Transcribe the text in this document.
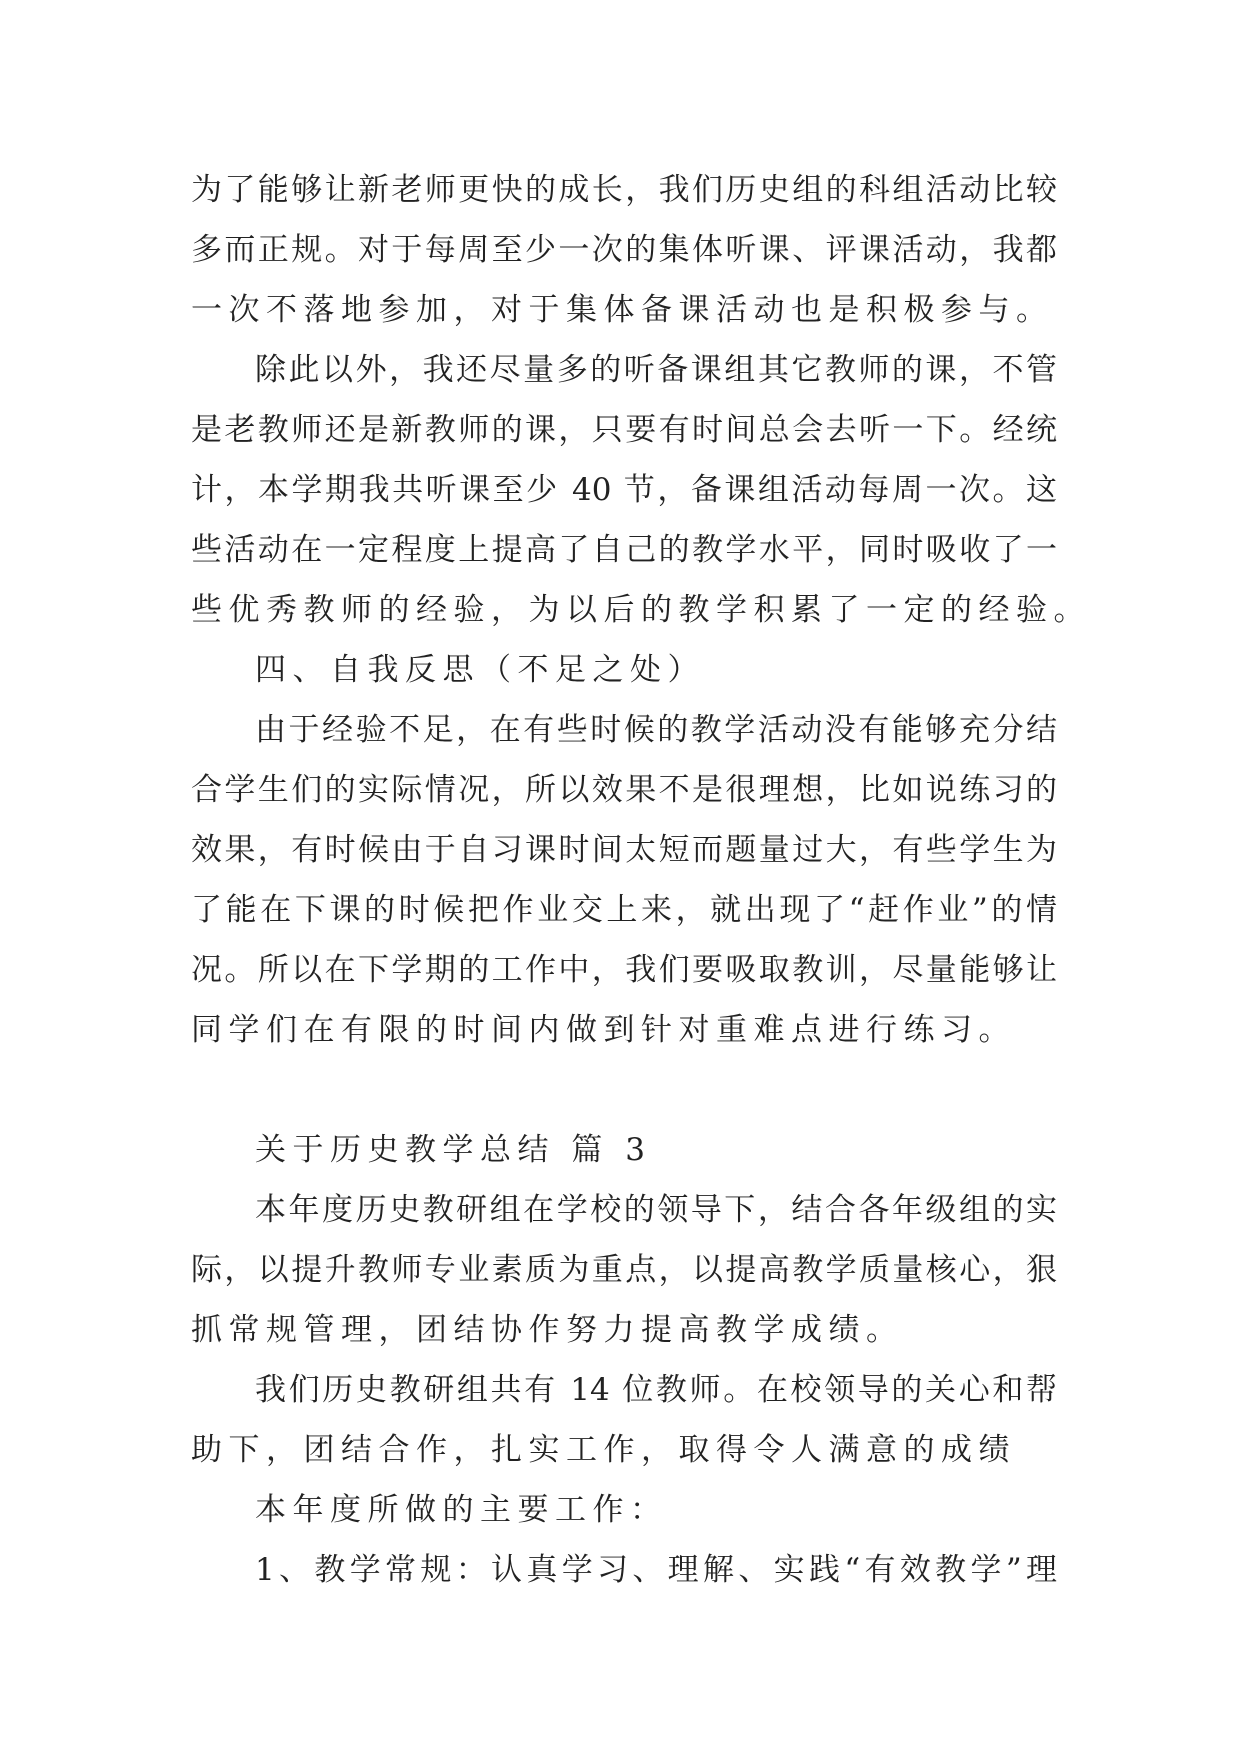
为了能够让新老师更快的成长，我们历史组的科组活动比较
多而正规。对于每周至少一次的集体听课、评课活动，我都
一次不落地参加，对于集体备课活动也是积极参与。
除此以外，我还尽量多的听备课组其它教师的课，不管
是老教师还是新教师的课，只要有时间总会去听一下。经统
计，本学期我共听课至少 40 节，备课组活动每周一次。这
些活动在一定程度上提高了自己的教学水平，同时吸收了一
些优秀教师的经验，为以后的教学积累了一定的经验。
四、自我反思（不足之处）
由于经验不足，在有些时候的教学活动没有能够充分结
合学生们的实际情况，所以效果不是很理想，比如说练习的
效果，有时候由于自习课时间太短而题量过大，有些学生为
了能在下课的时候把作业交上来，就出现了“赶作业”的情
况。所以在下学期的工作中，我们要吸取教训，尽量能够让
同学们在有限的时间内做到针对重难点进行练习。
关于历史教学总结 篇 3
本年度历史教研组在学校的领导下，结合各年级组的实
际，以提升教师专业素质为重点，以提高教学质量核心，狠
抓常规管理，团结协作努力提高教学成绩。
我们历史教研组共有 14 位教师。在校领导的关心和帮
助下，团结合作，扎实工作，取得令人满意的成绩
本年度所做的主要工作：
1、教学常规：认真学习、理解、实践“有效教学”理
